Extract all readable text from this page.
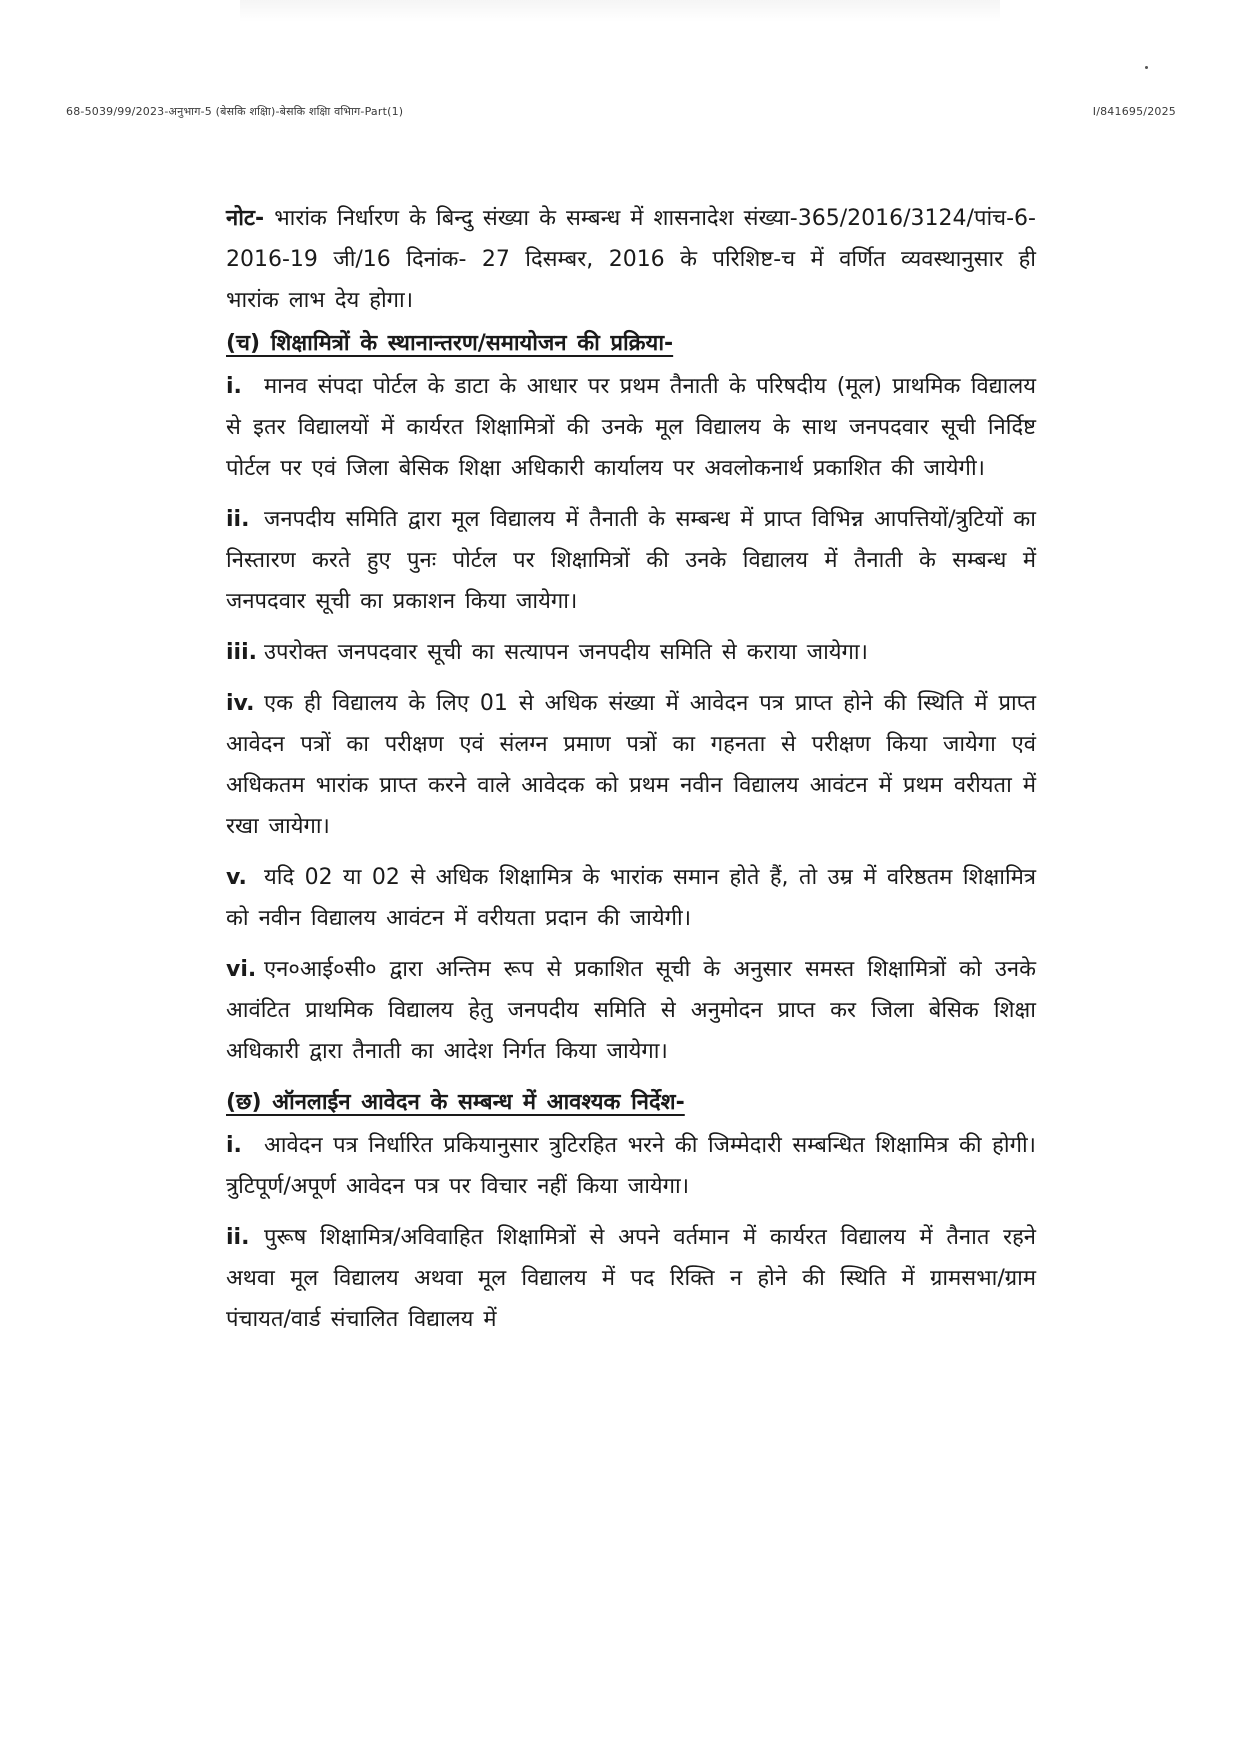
68-5039/99/2023-अनुभाग-5 (बेसकि शक्षिा)-बेसकि शक्षिा वभिाग-Part(1)	I/841695/2025

नोट- भारांक निर्धारण के बिन्दु संख्या के सम्बन्ध में शासनादेश संख्या-365/2016/3124/पांच-6-2016-19 जी/16 दिनांक- 27 दिसम्बर, 2016 के परिशिष्ट-च में वर्णित व्यवस्थानुसार ही भारांक लाभ देय होगा।

(च) शिक्षामित्रों के स्थानान्तरण/समायोजन की प्रक्रिया-

i. मानव संपदा पोर्टल के डाटा के आधार पर प्रथम तैनाती के परिषदीय (मूल) प्राथमिक विद्यालय से इतर विद्यालयों में कार्यरत शिक्षामित्रों की उनके मूल विद्यालय के साथ जनपदवार सूची निर्दिष्ट पोर्टल पर एवं जिला बेसिक शिक्षा अधिकारी कार्यालय पर अवलोकनार्थ प्रकाशित की जायेगी।

ii. जनपदीय समिति द्वारा मूल विद्यालय में तैनाती के सम्बन्ध में प्राप्त विभिन्न आपत्तियों/त्रुटियों का निस्तारण करते हुए पुनः पोर्टल पर शिक्षामित्रों की उनके विद्यालय में तैनाती के सम्बन्ध में जनपदवार सूची का प्रकाशन किया जायेगा।

iii. उपरोक्त जनपदवार सूची का सत्यापन जनपदीय समिति से कराया जायेगा।

iv. एक ही विद्यालय के लिए 01 से अधिक संख्या में आवेदन पत्र प्राप्त होने की स्थिति में प्राप्त आवेदन पत्रों का परीक्षण एवं संलग्न प्रमाण पत्रों का गहनता से परीक्षण किया जायेगा एवं अधिकतम भारांक प्राप्त करने वाले आवेदक को प्रथम नवीन विद्यालय आवंटन में प्रथम वरीयता में रखा जायेगा।

v. यदि 02 या 02 से अधिक शिक्षामित्र के भारांक समान होते हैं, तो उम्र में वरिष्ठतम शिक्षामित्र को नवीन विद्यालय आवंटन में वरीयता प्रदान की जायेगी।

vi. एन०आई०सी० द्वारा अन्तिम रूप से प्रकाशित सूची के अनुसार समस्त शिक्षामित्रों को उनके आवंटित प्राथमिक विद्यालय हेतु जनपदीय समिति से अनुमोदन प्राप्त कर जिला बेसिक शिक्षा अधिकारी द्वारा तैनाती का आदेश निर्गत किया जायेगा।

(छ) ऑनलाईन आवेदन के सम्बन्ध में आवश्यक निर्देश-

i. आवेदन पत्र निर्धारित प्रकियानुसार त्रुटिरहित भरने की जिम्मेदारी सम्बन्धित शिक्षामित्र की होगी। त्रुटिपूर्ण/अपूर्ण आवेदन पत्र पर विचार नहीं किया जायेगा।

ii. पुरूष शिक्षामित्र/अविवाहित शिक्षामित्रों से अपने वर्तमान में कार्यरत विद्यालय में तैनात रहने अथवा मूल विद्यालय अथवा मूल विद्यालय में पद रिक्ति न होने की स्थिति में ग्रामसभा/ग्राम पंचायत/वार्ड संचालित विद्यालय में
